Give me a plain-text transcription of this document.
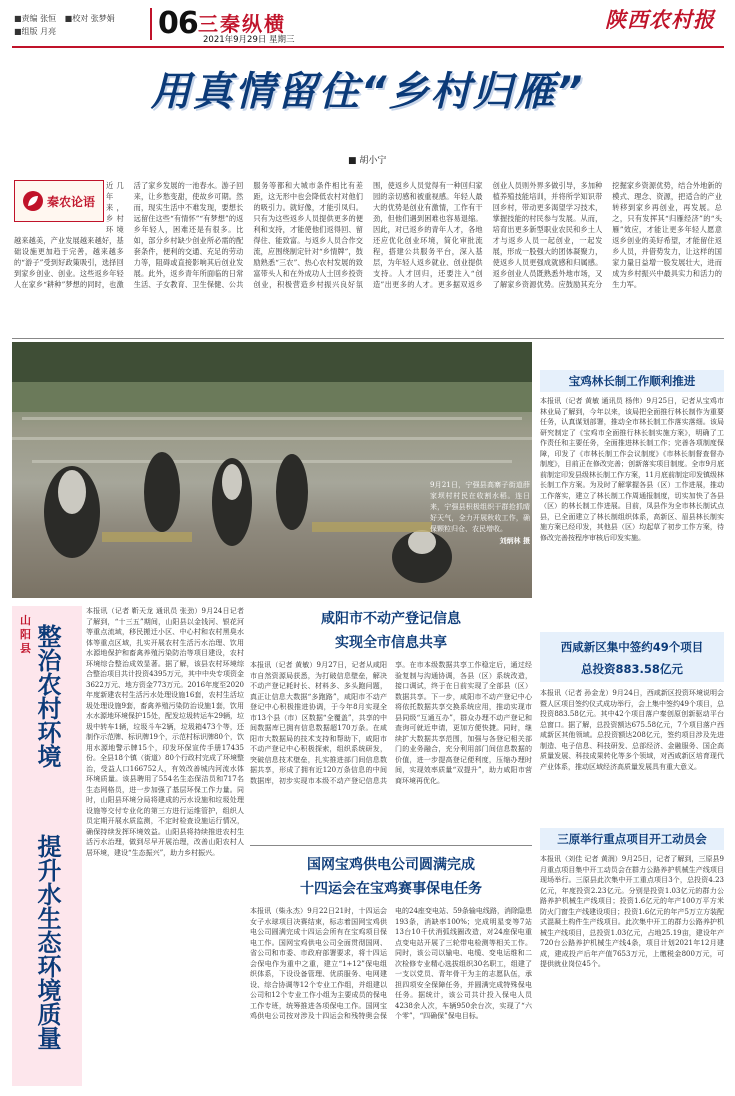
■责编 张恒 ■校对 张梦娟
■组版 月亮	06 三秦纵横
2021年9月29日 星期三
陕西农村报
用真情留住“乡村归雁”
■ 胡小宁
秦农论语
近几年来，乡村环境越来越美，产业发展越来越好，基础设施更加趋于完善，越来越多的“游子”受到好政策吸引，选择回到家乡创业、创业。这些返乡年轻人在家乡“耕种”梦想的同时，也激活了家乡发展的一池春水。游子回来，让乡愁变甜，使故乡可期。然而，现实生活中不难发现，要想长远留住这些“有情怀”“有梦想”的返乡年轻人，困难还是有很多。比如，部分乡村缺少创业所必需的配套条件，便利的交通、充足的劳动力等，阻碍或直接影响其后创业发展。此外，返乡青年所面临的日常生活、子女教育、卫生保健、公共服务等都和大城市条件相比有差距，这无形中也会降低农村对他们的吸引力。就好像，才能引凤归。只有为这些返乡人员提供更多的便利和支持，才能使他们返得回、留得住、能致富。与返乡人员合作交流，应围绕制定针对“乡情牌”，鼓励熟悉“三农”、热心农村发展的致富带头人和在外成功人士回乡投资创业，积极营造乡村振兴良好氛围，使返乡人员觉得有一种回归家园的亲切感和被重视感。年轻人最大的优势是创业有激情，工作有干劲，但他们遇到困难也容易退缩。因此，对已返乡的青年人才，各地还应优化创业环境，简化审批流程，搭建公共服务平台，深入基层，为年轻人返乡就业、创业提供支持。人才回归，还要注入“创造”出更多的人才。更多据双返乡创业人员则外界多做引导，多加种植养殖技能培训，并将所学知识带回乡村，带动更多渴望学习技术，掌握技能的村民参与发展。从而，培育出更多新型职业农民和乡土人才与返乡人员一起创业，一起发展，形成一股强大的团体凝聚力，使返乡人员更强成就感和归属感。返乡创业人员既熟悉外地市场，又了解家乡资源优势。应鼓励其充分挖掘家乡资源优势，结合外地新的模式、理念、资源，把适合的产业转移到家乡再创业，再发展。总之，只有发挥其“归雁经济”的“头雁”效应，才能让更多年轻人愿意返乡创业的美好希望，才能留住返乡人员，并借势发力，让这样的国家力量日益增一股发展壮大，进而成为乡村振兴中最具实力和活力的生力军。
9月21日，宁强县高寨子街道薛家坝村村民在收割水稻。连日来，宁强县积极组织干群抢抓晴好天气，全力开展秋收工作，确保颗粒归仓、农民增收。
刘炳林 摄
山阳县 整治农村环境
提升水生态环境质量
本报讯（记者 靳天龙 通讯员 张劲）9月24日记者了解到，“十三五”期间，山阳县以金钱河、银花河等重点流域，移民搬迁小区、中心村和农村黑臭水体等重点区域，扎实开展农村生活污水治理、饮用水源地保护和畜禽养殖污染防治等项目建设，农村环境综合整治成效显著。据了解，该县农村环境综合整治项目共计投资4395万元，其中中央专项资金3622万元、地方资金773万元。2016年度至2020年度新建农村生活污水处理设施16套，农村生活垃圾处理设施9套，畜禽养殖污染防治设施1套，饮用水水源地环境保护15处，配发垃圾转运车29辆，垃圾中转车1辆，垃圾斗车2辆，垃圾箱473个等，还制作示范牌、标识牌19个，示范村标识牌80个，饮用水源地警示牌15个，印发环保宣传手册17435份。全县18个镇（街道）80个行政村完成了环境整治，受益人口166752人，有效改善城内河流水体环境质量。该县聘用了554名生态保洁员和717名生态网格员，进一步加强了基层环保工作力量。同时，山阳县环境分局将建成的污水设施和垃圾处理设施等交付专业化的第三方进行运维管护，组织人员定期开展水质监测，不定时检查设施运行情况，确保持续发挥环境效益。山阳县将持续推进农村生活污水治理，做到尽早开展治理，改善山阳农村人居环境，建设“生态振兴”，助力乡村振兴。
咸阳市不动产登记信息
实现全市信息共享
本报讯（记者 黄敏）9月27日，记者从咸阳市自然资源局获悉，为打破信息壁垒，解决不动产登记耗时长、材料多、多头跑问题，真正让信息大数据“多跑路”，咸阳市不动产登记中心积极推进协调，于今年8月实现全市13个县（市）区数据“全覆盖”，共享的中间数据库已拥有信息数据超170万条。在咸阳市大数据局的技术支持和帮助下，咸阳市不动产登记中心积极探索，组织系统研发，突破信息技术壁垒，扎实推进部门间信息数据共享，形成了拥有近120万条信息的中间数据库，初步实现市本级不动产登记信息共享。在市本级数据共享工作稳定后，通过经验复制与沟通协调，各县（区）系统改造，接口调试，终于在日前实现了全部县（区）数据共享。下一步，咸阳市不动产登记中心将依托数据共享交换系统应用，推动实现市县同级“互通互办”，群众办理不动产登记和查询可就近申请，更加方便快捷。同时，继续扩大数据共享范围，加强与各登记相关部门的业务融合，充分利用部门间信息数据的价值，进一步提高登记便利度，压缩办理时间，实现效率质量“双提升”，助力咸阳市营商环境再优化。
国网宝鸡供电公司圆满完成
十四运会在宝鸡赛事保电任务
本报讯（柴永杰）9月22日21时，十四运会女子水球项目决赛结束，标志着国网宝鸡供电公司圆满完成十四运会所有在宝鸡项目保电工作。国网宝鸡供电公司全面贯彻国网、省公司和市委、市政府部署要求，将十四运会保电作为重中之重，建立“1+12”保电组织体系，下设设备管理、优质服务、电网建设、综合协调等12个专业工作组，并组建以公司和12个专业工作小组为主要成员的保电工作专班，统筹推进各项保电工作。国网宝鸡供电公司按对涉及十四运会和残特奥会保电的24座变电站、59条输电线路，消除隐患193条，消缺率100%；完成明星变等7站13台10千伏消弧线圈改造，对24座保电重点变电站开展了三轮带电检测等相关工作。同时，该公司以输电、电缆、变电运维和二次检修专业精心选拔组织30名职工，组建了一支以党员、青年骨干为主的志愿队伍，承担四项安全保障任务，并圆满完成特殊保电任务。据统计，该公司共计投入保电人员4238余人次，车辆950余台次，实现了“六个零”，“四确保”保电目标。
宝鸡林长制工作顺利推进
本报讯（记者 黄敏 通讯员 杨伟）9月25日，记者从宝鸡市林业局了解到，今年以来，该局把全面推行林长制作为重要任务，认真谋划部署，推动全市林长制工作落实落细。该局研究制定了《宝鸡市全面推行林长制实施方案》，明确了工作责任和主要任务，全面推进林长制工作；完善各项制度保障，印发了《市林长制工作会议制度》《市林长制督查督办制度》，目前正在修改完善；创新落实项目制度。全市9月底前制定印发县级林长制工作方案，11月底前制定印发镇级林长制工作方案。为及时了解掌握各县（区）工作进展，推动工作落实，建立了林长制工作周通报制度，切实加快了各县（区）的林长制工作进展。目前，凤县作为全市林长制试点县，已全面建立了林长制组织体系，高新区、眉县林长制实施方案已经印发，其他县（区）均起草了初步工作方案，待修改完善按程序审核后印发实施。
西咸新区集中签约49个项目
总投资883.58亿元
本报讯（记者 孙金龙）9月24日，西咸新区投资环境说明会暨人区项目签约仪式成功举行，会上集中签约49个项目，总投资883.58亿元。其中42个项目落户秦创原创新驱动平台总窗口。据了解，总投资额达675.58亿元，7个项目落户西咸新区其他领域。总投资额达208亿元，签约项目涉及先进制造、电子信息、科技研发、总部经济、金融服务、国企高质量发展、科技成果转化等多个领域，对西咸新区培育现代产业体系，推动区域经济高质量发展具有重大意义。
三原举行重点项目开工动员会
本报讯（刘佳 记者 黄润）9月25日，记者了解到，三原县9月重点项目集中开工动员会在群力公路养护机械生产线项目现场举行。三原县此次集中开工重点项目3个，总投资4.23亿元，年度投资2.23亿元。分别是投资1.03亿元的群力公路养护机械生产线项目；投资1.6亿元的年产100万平方米防火门窗生产线建设项目；投资1.6亿元的年产5万立方装配式混凝土构件生产线项目。此次集中开工的群力公路养护机械生产线项目，总投资1.03亿元，占地25.19亩，建设年产720台公路养护机械生产线4条，项目计划2021年12月建成，建成投产后年产值7653万元，上缴税金800万元，可提供就业岗位45个。
